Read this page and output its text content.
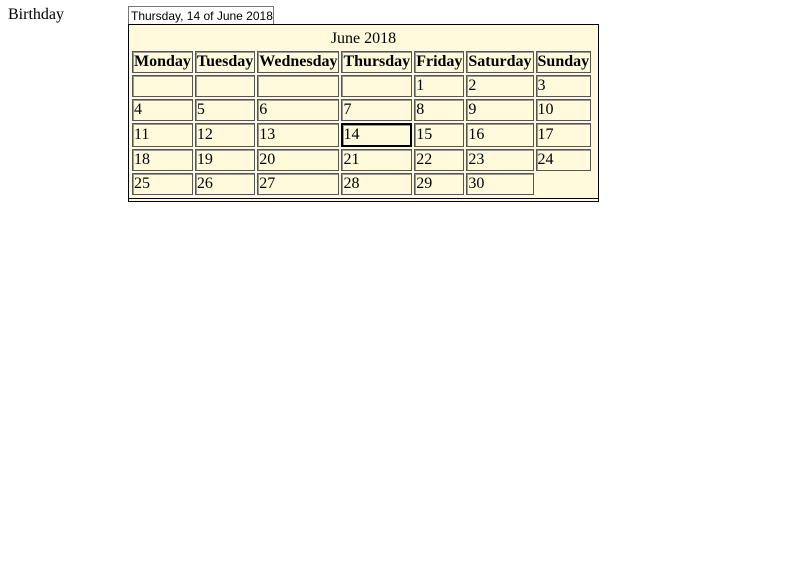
Birthday	Thursday, 14 of June 2018
June 2018
Monday	Tuesday	Wednesday	Thursday	Friday	Saturday	Sunday
				1	2	3
4	5	6	7	8	9	10
11	12	13	14	15	16	17
18	19	20	21	22	23	24
25	26	27	28	29	30	
